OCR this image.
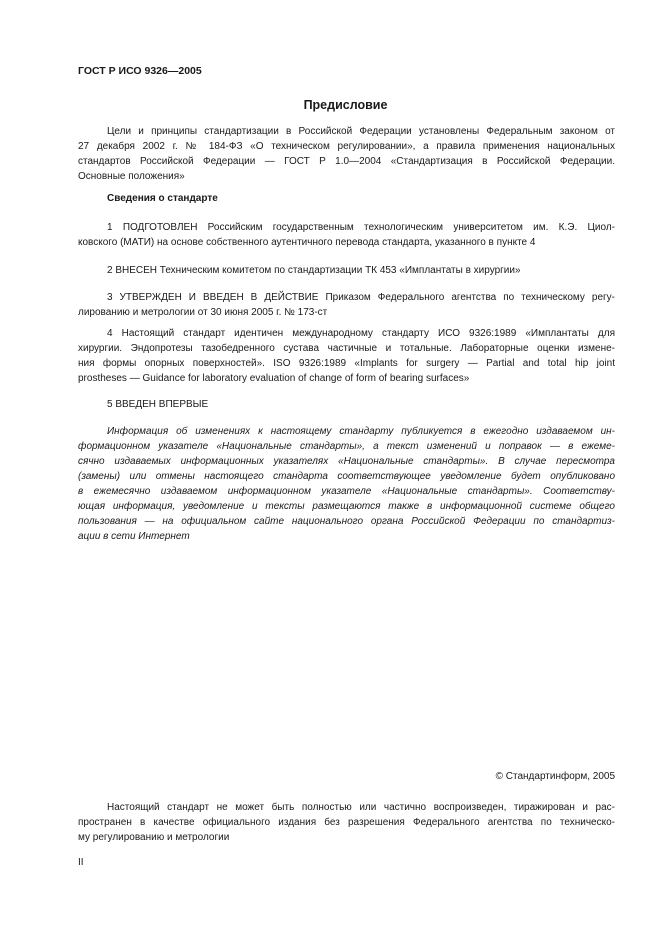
ГОСТ Р ИСО 9326—2005
Предисловие
Цели и принципы стандартизации в Российской Федерации установлены Федеральным законом от
27 декабря 2002 г. № 184-ФЗ «О техническом регулировании», а правила применения национальных
стандартов Российской Федерации — ГОСТ Р 1.0—2004 «Стандартизация в Российской Федерации.
Основные положения»
Сведения о стандарте
1 ПОДГОТОВЛЕН Российским государственным технологическим университетом им. К.Э. Циол-
ковского (МАТИ) на основе собственного аутентичного перевода стандарта, указанного в пункте 4
2 ВНЕСЕН Техническим комитетом по стандартизации ТК 453 «Имплантаты в хирургии»
3 УТВЕРЖДЕН И ВВЕДЕН В ДЕЙСТВИЕ Приказом Федерального агентства по техническому регу-
лированию и метрологии от 30 июня 2005 г. № 173-ст
4 Настоящий стандарт идентичен международному стандарту ИСО 9326:1989 «Имплантаты для
хирургии. Эндопротезы тазобедренного сустава частичные и тотальные. Лабораторные оценки измене-
ния формы опорных поверхностей». ISO 9326:1989 «Implants for surgery — Partial and total hip joint
prostheses — Guidance for laboratory evaluation of change of form of bearing surfaces»
5 ВВЕДЕН ВПЕРВЫЕ
Информация об изменениях к настоящему стандарту публикуется в ежегодно издаваемом ин-
формационном указателе «Национальные стандарты», а текст изменений и поправок — в ежеме-
сячно издаваемых информационных указателях «Национальные стандарты». В случае пересмотра
(замены) или отмены настоящего стандарта соответствующее уведомление будет опубликовано
в ежемесячно издаваемом информационном указателе «Национальные стандарты». Соответству-
ющая информация, уведомление и тексты размещаются также в информационной системе общего
пользования — на официальном сайте национального органа Российской Федерации по стандартиз-
ации в сети Интернет
© Стандартинформ, 2005
Настоящий стандарт не может быть полностью или частично воспроизведен, тиражирован и рас-
пространен в качестве официального издания без разрешения Федерального агентства по техническо-
му регулированию и метрологии
II
